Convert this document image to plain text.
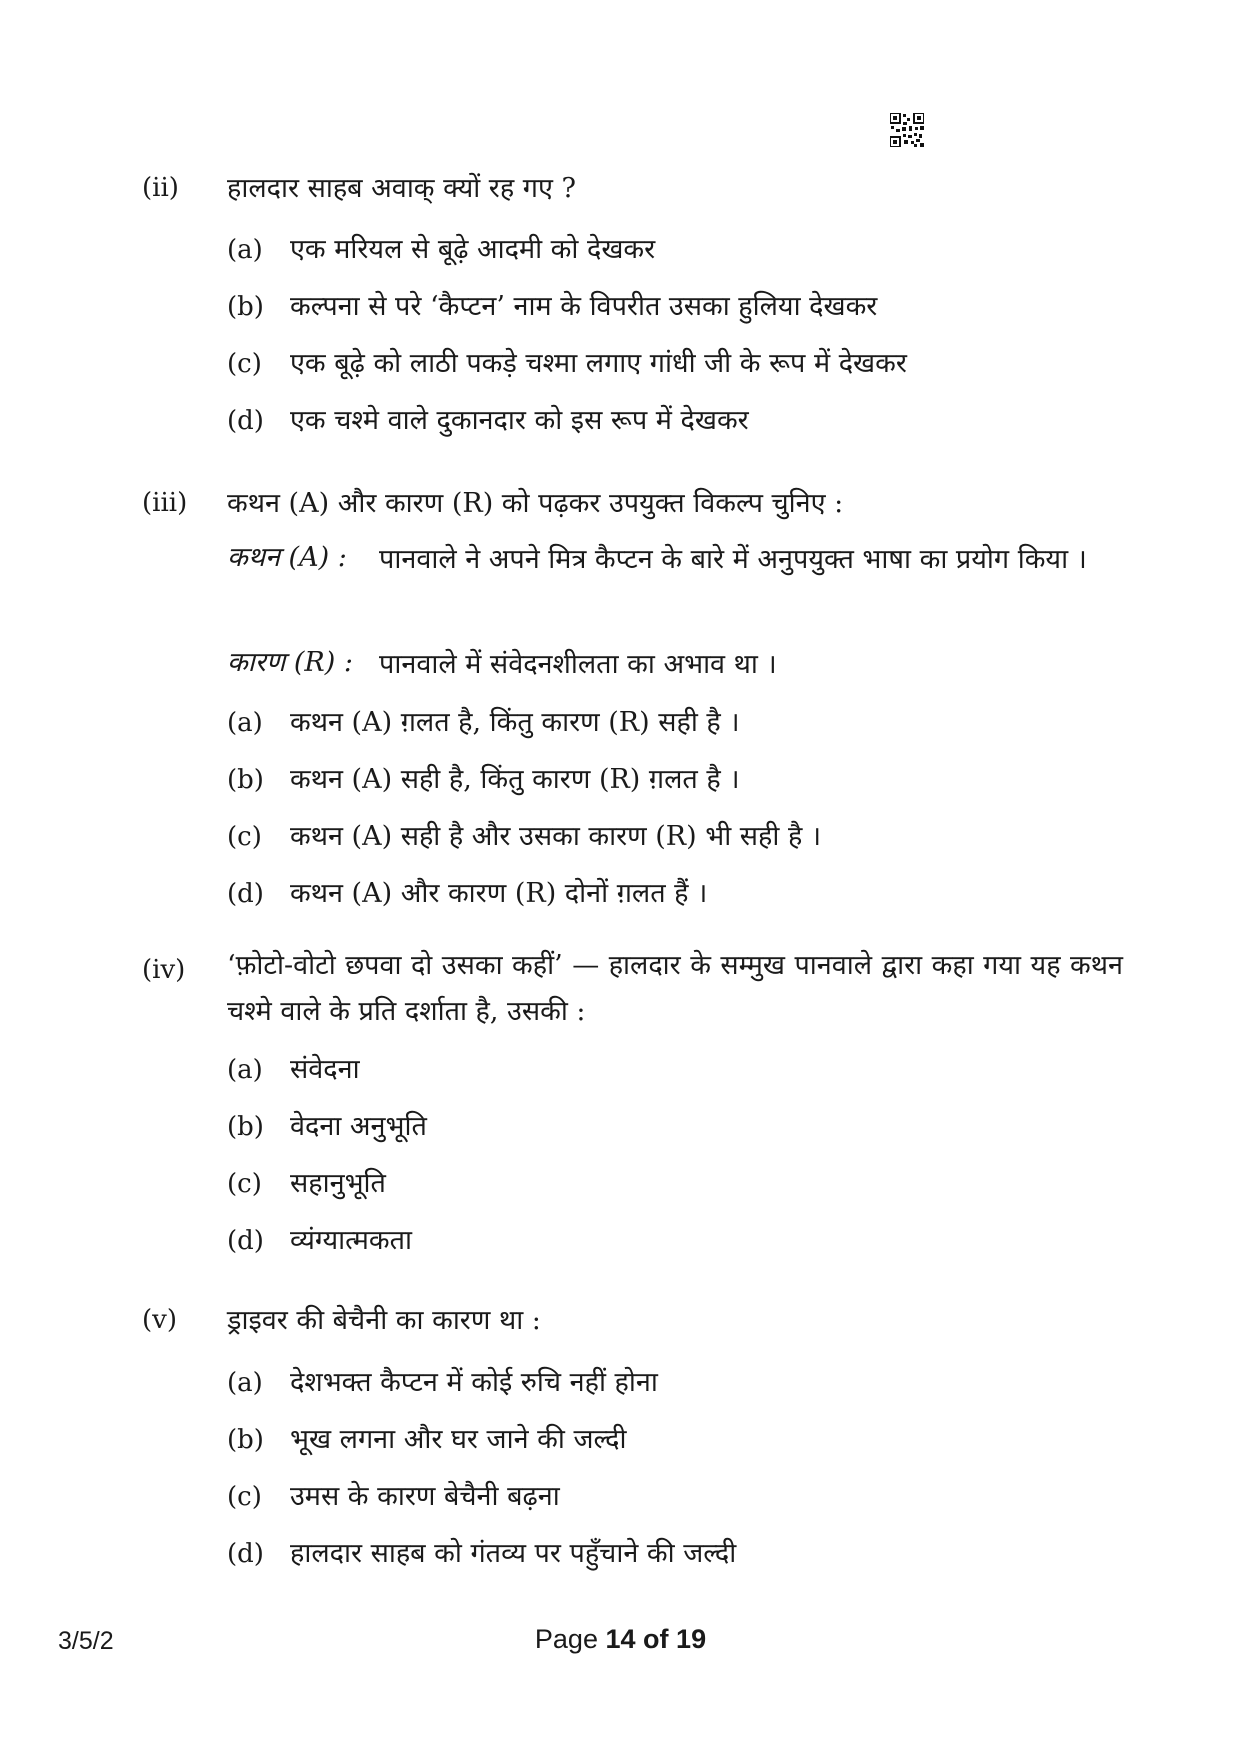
(ii) हालदार साहब अवाक् क्यों रह गए ?
(a) एक मरियल से बूढ़े आदमी को देखकर
(b) कल्पना से परे ‘कैप्टन’ नाम के विपरीत उसका हुलिया देखकर
(c) एक बूढ़े को लाठी पकड़े चश्मा लगाए गांधी जी के रूप में देखकर
(d) एक चश्मे वाले दुकानदार को इस रूप में देखकर
(iii) कथन (A) और कारण (R) को पढ़कर उपयुक्त विकल्प चुनिए :
कथन (A) : पानवाले ने अपने मित्र कैप्टन के बारे में अनुपयुक्त भाषा का प्रयोग किया ।
कारण (R) : पानवाले में संवेदनशीलता का अभाव था ।
(a) कथन (A) ग़लत है, किंतु कारण (R) सही है ।
(b) कथन (A) सही है, किंतु कारण (R) ग़लत है ।
(c) कथन (A) सही है और उसका कारण (R) भी सही है ।
(d) कथन (A) और कारण (R) दोनों ग़लत हैं ।
(iv) ‘फ़ोटो-वोटो छपवा दो उसका कहीं’ — हालदार के सम्मुख पानवाले द्वारा कहा गया यह कथन चश्मे वाले के प्रति दर्शाता है, उसकी :
(a) संवेदना
(b) वेदना अनुभूति
(c) सहानुभूति
(d) व्यंग्यात्मकता
(v) ड्राइवर की बेचैनी का कारण था :
(a) देशभक्त कैप्टन में कोई रुचि नहीं होना
(b) भूख लगना और घर जाने की जल्दी
(c) उमस के कारण बेचैनी बढ़ना
(d) हालदार साहब को गंतव्य पर पहुँचाने की जल्दी
3/5/2	Page 14 of 19
